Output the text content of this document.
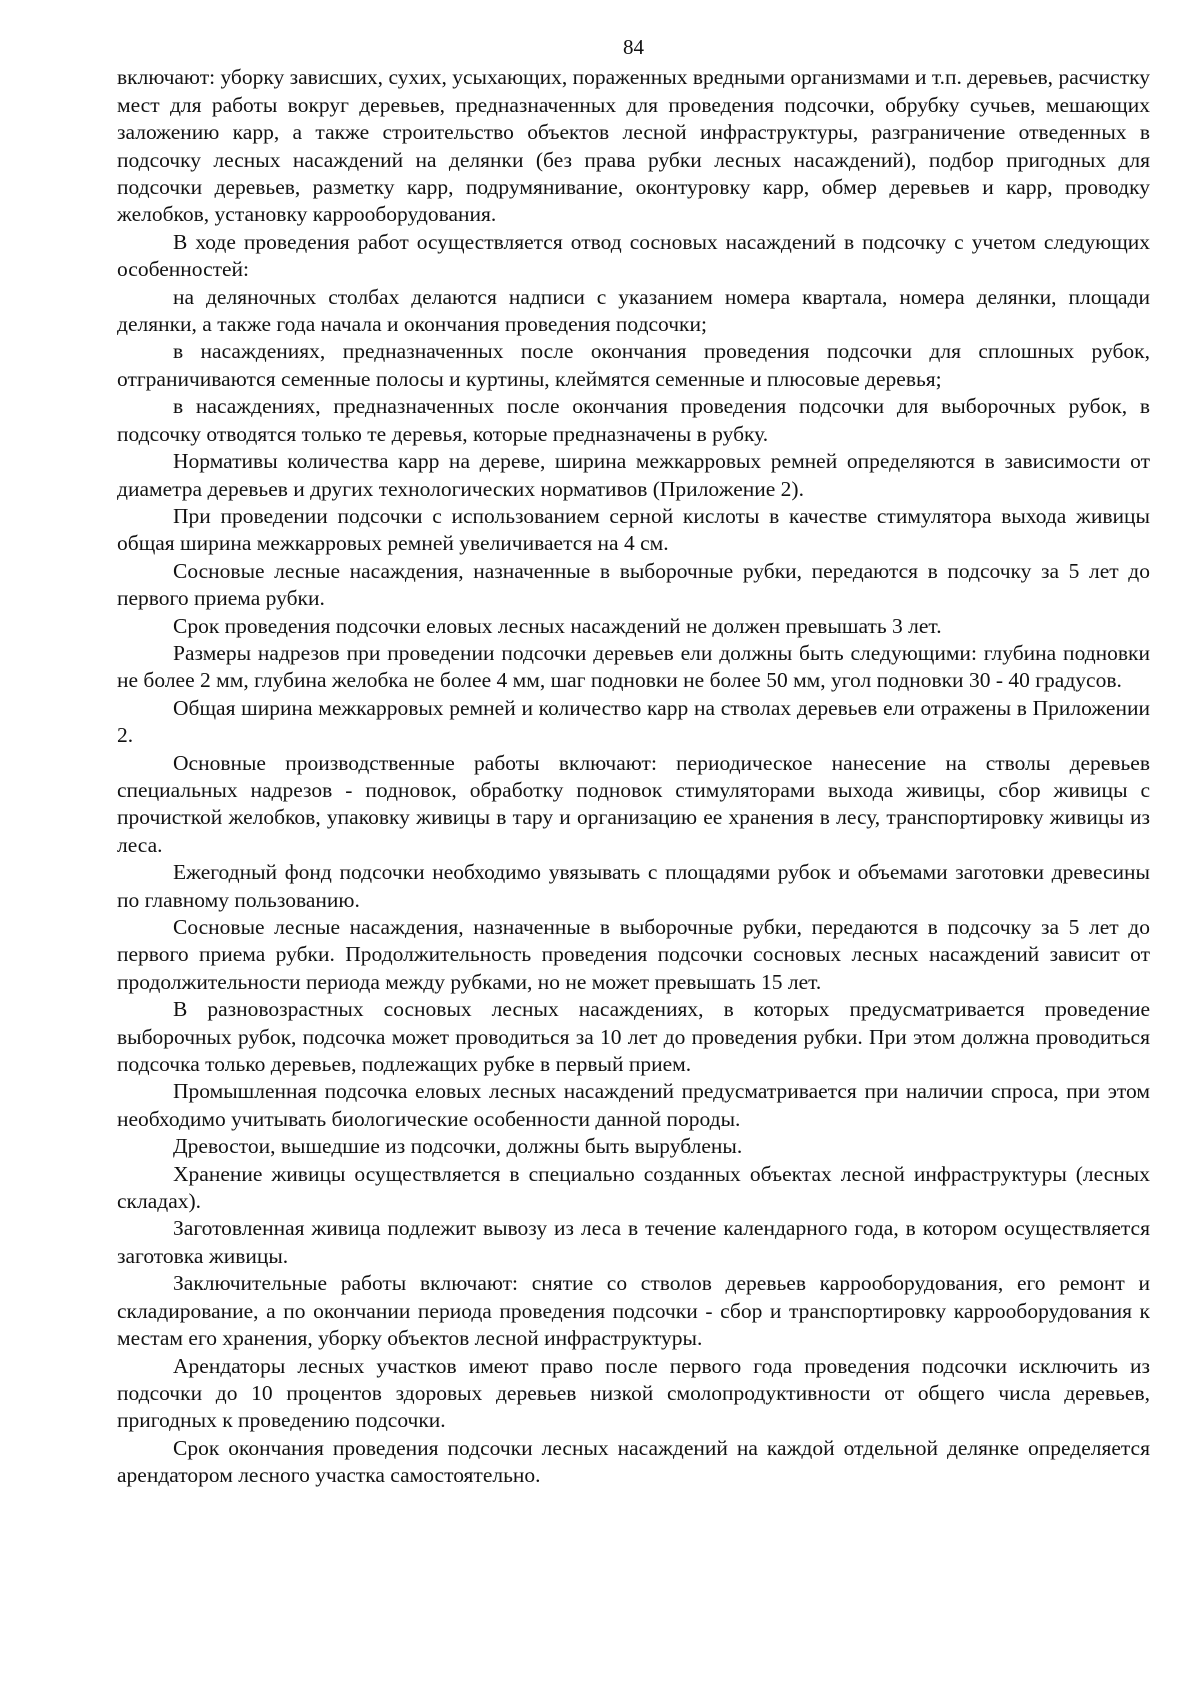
84

включают: уборку зависших, сухих, усыхающих, пораженных вредными организмами и т.п. деревьев, расчистку мест для работы вокруг деревьев, предназначенных для проведения подсочки, обрубку сучьев, мешающих заложению карр, а также строительство объектов лесной инфраструктуры, разграничение отведенных в подсочку лесных насаждений на делянки (без права рубки лесных насаждений), подбор пригодных для подсочки деревьев, разметку карр, подрумянивание, оконтуровку карр, обмер деревьев и карр, проводку желобков, установку каррооборудования.

В ходе проведения работ осуществляется отвод сосновых насаждений в подсочку с учетом следующих особенностей:

на деляночных столбах делаются надписи с указанием номера квартала, номера делянки, площади делянки, а также года начала и окончания проведения подсочки;

в насаждениях, предназначенных после окончания проведения подсочки для сплошных рубок, отграничиваются семенные полосы и куртины, клеймятся семенные и плюсовые деревья;

в насаждениях, предназначенных после окончания проведения подсочки для выборочных рубок, в подсочку отводятся только те деревья, которые предназначены в рубку.

Нормативы количества карр на дереве, ширина межкарровых ремней определяются в зависимости от диаметра деревьев и других технологических нормативов (Приложение 2).

При проведении подсочки с использованием серной кислоты в качестве стимулятора выхода живицы общая ширина межкарровых ремней увеличивается на 4 см.

Сосновые лесные насаждения, назначенные в выборочные рубки, передаются в подсочку за 5 лет до первого приема рубки.

Срок проведения подсочки еловых лесных насаждений не должен превышать 3 лет.

Размеры надрезов при проведении подсочки деревьев ели должны быть следующими: глубина подновки не более 2 мм, глубина желобка не более 4 мм, шаг подновки не более 50 мм, угол подновки 30 - 40 градусов.

Общая ширина межкарровых ремней и количество карр на стволах деревьев ели отражены в Приложении 2.

Основные производственные работы включают: периодическое нанесение на стволы деревьев специальных надрезов - подновок, обработку подновок стимуляторами выхода живицы, сбор живицы с прочисткой желобков, упаковку живицы в тару и организацию ее хранения в лесу, транспортировку живицы из леса.

Ежегодный фонд подсочки необходимо увязывать с площадями рубок и объемами заготовки древесины по главному пользованию.

Сосновые лесные насаждения, назначенные в выборочные рубки, передаются в подсочку за 5 лет до первого приема рубки. Продолжительность проведения подсочки сосновых лесных насаждений зависит от продолжительности периода между рубками, но не может превышать 15 лет.

В разновозрастных сосновых лесных насаждениях, в которых предусматривается проведение выборочных рубок, подсочка может проводиться за 10 лет до проведения рубки. При этом должна проводиться подсочка только деревьев, подлежащих рубке в первый прием.

Промышленная подсочка еловых лесных насаждений предусматривается при наличии спроса, при этом необходимо учитывать биологические особенности данной породы.

Древостои, вышедшие из подсочки, должны быть вырублены.

Хранение живицы осуществляется в специально созданных объектах лесной инфраструктуры (лесных складах).

Заготовленная живица подлежит вывозу из леса в течение календарного года, в котором осуществляется заготовка живицы.

Заключительные работы включают: снятие со стволов деревьев каррооборудования, его ремонт и складирование, а по окончании периода проведения подсочки - сбор и транспортировку каррооборудования к местам его хранения, уборку объектов лесной инфраструктуры.

Арендаторы лесных участков имеют право после первого года проведения подсочки исключить из подсочки до 10 процентов здоровых деревьев низкой смолопродуктивности от общего числа деревьев, пригодных к проведению подсочки.

Срок окончания проведения подсочки лесных насаждений на каждой отдельной делянке определяется арендатором лесного участка самостоятельно.
